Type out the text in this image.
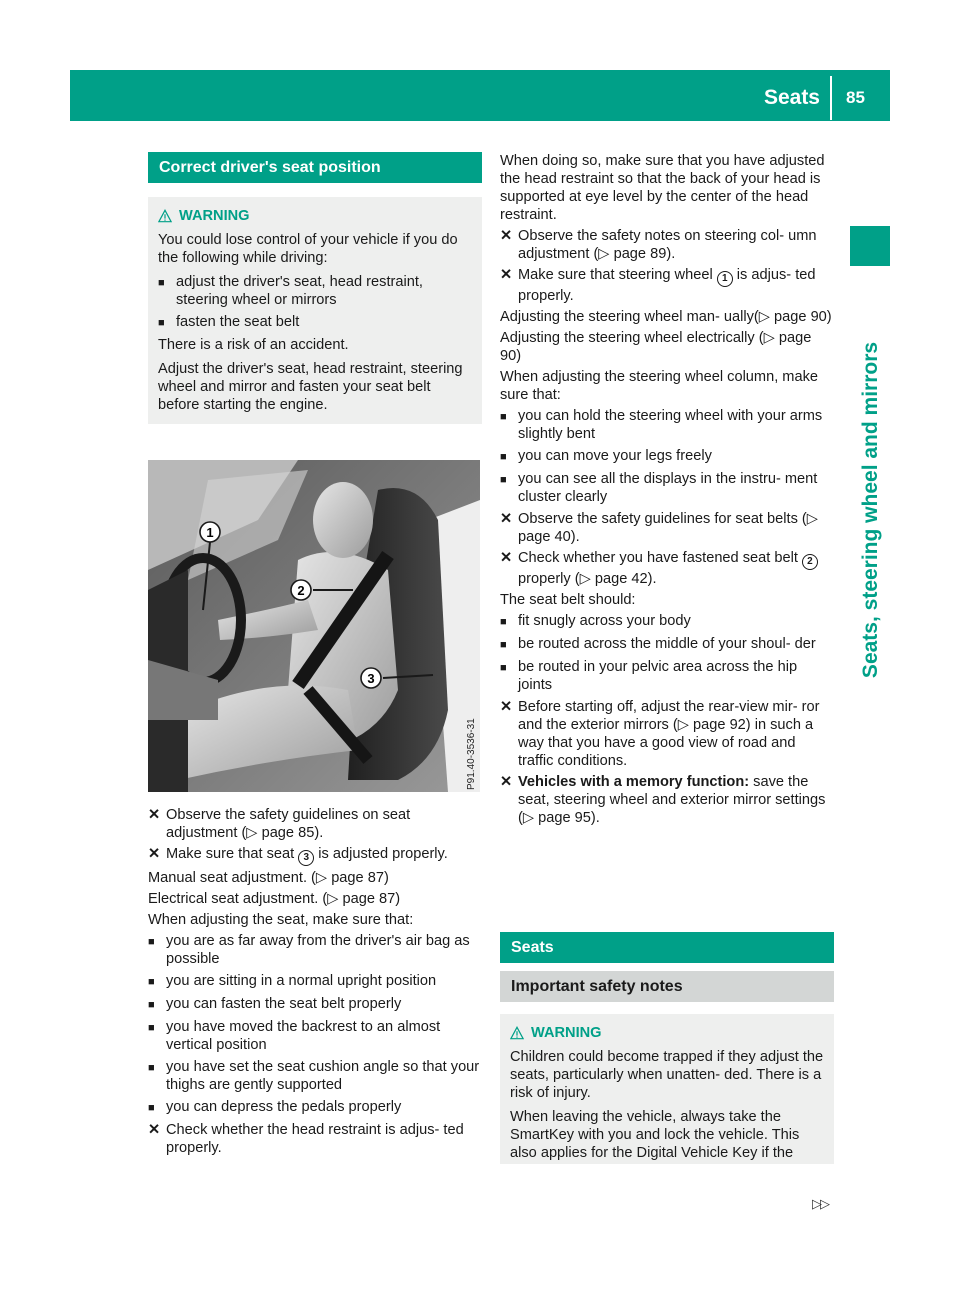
Seats 85
Seats, steering wheel and mirrors
Correct driver's seat position
WARNING

You could lose control of your vehicle if you do the following while driving:

■ adjust the driver's seat, head restraint, steering wheel or mirrors
■ fasten the seat belt

There is a risk of an accident.

Adjust the driver's seat, head restraint, steering wheel and mirror and fasten your seat belt before starting the engine.

1
2
3
P91.40-3536-31
✕ Observe the safety guidelines on seat adjustment (▷ page 85).
✕ Make sure that seat 3 is adjusted properly.

Manual seat adjustment. (▷ page 87)

Electrical seat adjustment. (▷ page 87)

When adjusting the seat, make sure that:

■ you are as far away from the driver's air bag as possible
■ you are sitting in a normal upright position
■ you can fasten the seat belt properly
■ you have moved the backrest to an almost vertical position
■ you have set the seat cushion angle so that your thighs are gently supported
■ you can depress the pedals properly
✕ Check whether the head restraint is adjus- ted properly.

When doing so, make sure that you have adjusted the head restraint so that the back of your head is supported at eye level by the center of the head restraint.

✕ Observe the safety notes on steering col- umn adjustment (▷ page 89).
✕ Make sure that steering wheel 1 is adjus- ted properly.

Adjusting the steering wheel man- ually(▷ page 90)

Adjusting the steering wheel electrically (▷ page 90)

When adjusting the steering wheel column, make sure that:

■ you can hold the steering wheel with your arms slightly bent
■ you can move your legs freely
■ you can see all the displays in the instru- ment cluster clearly
✕ Observe the safety guidelines for seat belts (▷ page 40).
✕ Check whether you have fastened seat belt 2 properly (▷ page 42).

The seat belt should:

■ fit snugly across your body
■ be routed across the middle of your shoul- der
■ be routed in your pelvic area across the hip joints
✕ Before starting off, adjust the rear-view mir- ror and the exterior mirrors (▷ page 92) in such a way that you have a good view of road and traffic conditions.
✕ Vehicles with a memory function: save the seat, steering wheel and exterior mirror settings (▷ page 95).
Seats
Important safety notes
WARNING

Children could become trapped if they adjust the seats, particularly when unatten- ded. There is a risk of injury.

When leaving the vehicle, always take the SmartKey with you and lock the vehicle. This also applies for the Digital Vehicle Key if the

▷▷
